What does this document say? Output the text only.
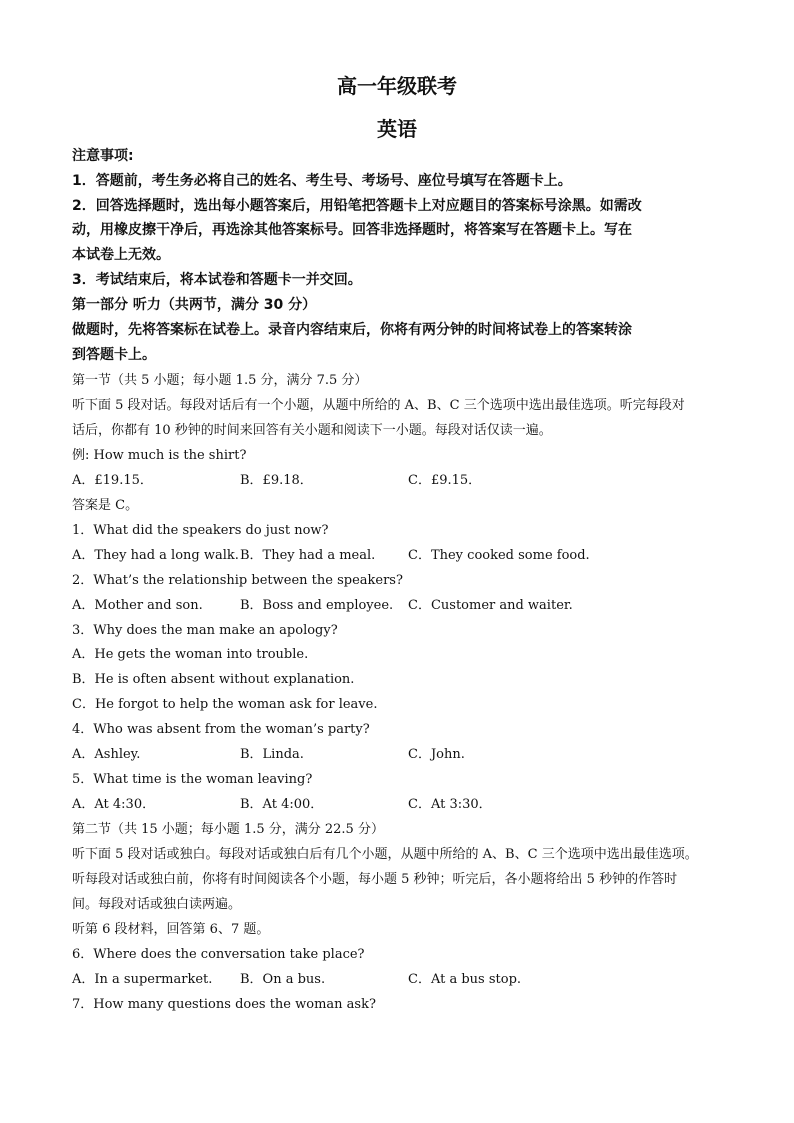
高一年级联考
英语
注意事项:
1．答题前，考生务必将自己的姓名、考生号、考场号、座位号填写在答题卡上。
2．回答选择题时，选出每小题答案后，用铅笔把答题卡上对应题目的答案标号涂黑。如需改
动，用橡皮擦干净后，再选涂其他答案标号。回答非选择题时，将答案写在答题卡上。写在
本试卷上无效。
3．考试结束后，将本试卷和答题卡一并交回。
第一部分 听力（共两节，满分 30 分）
做题时，先将答案标在试卷上。录音内容结束后，你将有两分钟的时间将试卷上的答案转涂
到答题卡上。
第一节（共 5 小题；每小题 1.5 分，满分 7.5 分）
听下面 5 段对话。每段对话后有一个小题，从题中所给的 A、B、C 三个选项中选出最佳选项。听完每段对
话后，你都有 10 秒钟的时间来回答有关小题和阅读下一小题。每段对话仅读一遍。
例: How much is the shirt?
A．£19.15．	B．£9.18．	C．£9.15．
答案是 C。
1．What did the speakers do just now?
A．They had a long walk. B．They had a meal.	C．They cooked some food.
2．What’s the relationship between the speakers?
A．Mother and son.	B．Boss and employee. C．Customer and waiter.
3．Why does the man make an apology?
A．He gets the woman into trouble.
B．He is often absent without explanation.
C．He forgot to help the woman ask for leave.
4．Who was absent from the woman’s party?
A．Ashley.	B．Linda.	C．John.
5．What time is the woman leaving?
A．At 4:30．	B．At 4:00．	C．At 3:30．
第二节（共 15 小题；每小题 1.5 分，满分 22.5 分）
听下面 5 段对话或独白。每段对话或独白后有几个小题，从题中所给的 A、B、C 三个选项中选出最佳选项。
听每段对话或独白前，你将有时间阅读各个小题，每小题 5 秒钟；听完后，各小题将给出 5 秒钟的作答时
间。每段对话或独白读两遍。
听第 6 段材料，回答第 6、7 题。
6．Where does the conversation take place?
A．In a supermarket. B．On a bus.	C．At a bus stop.
7．How many questions does the woman ask?
